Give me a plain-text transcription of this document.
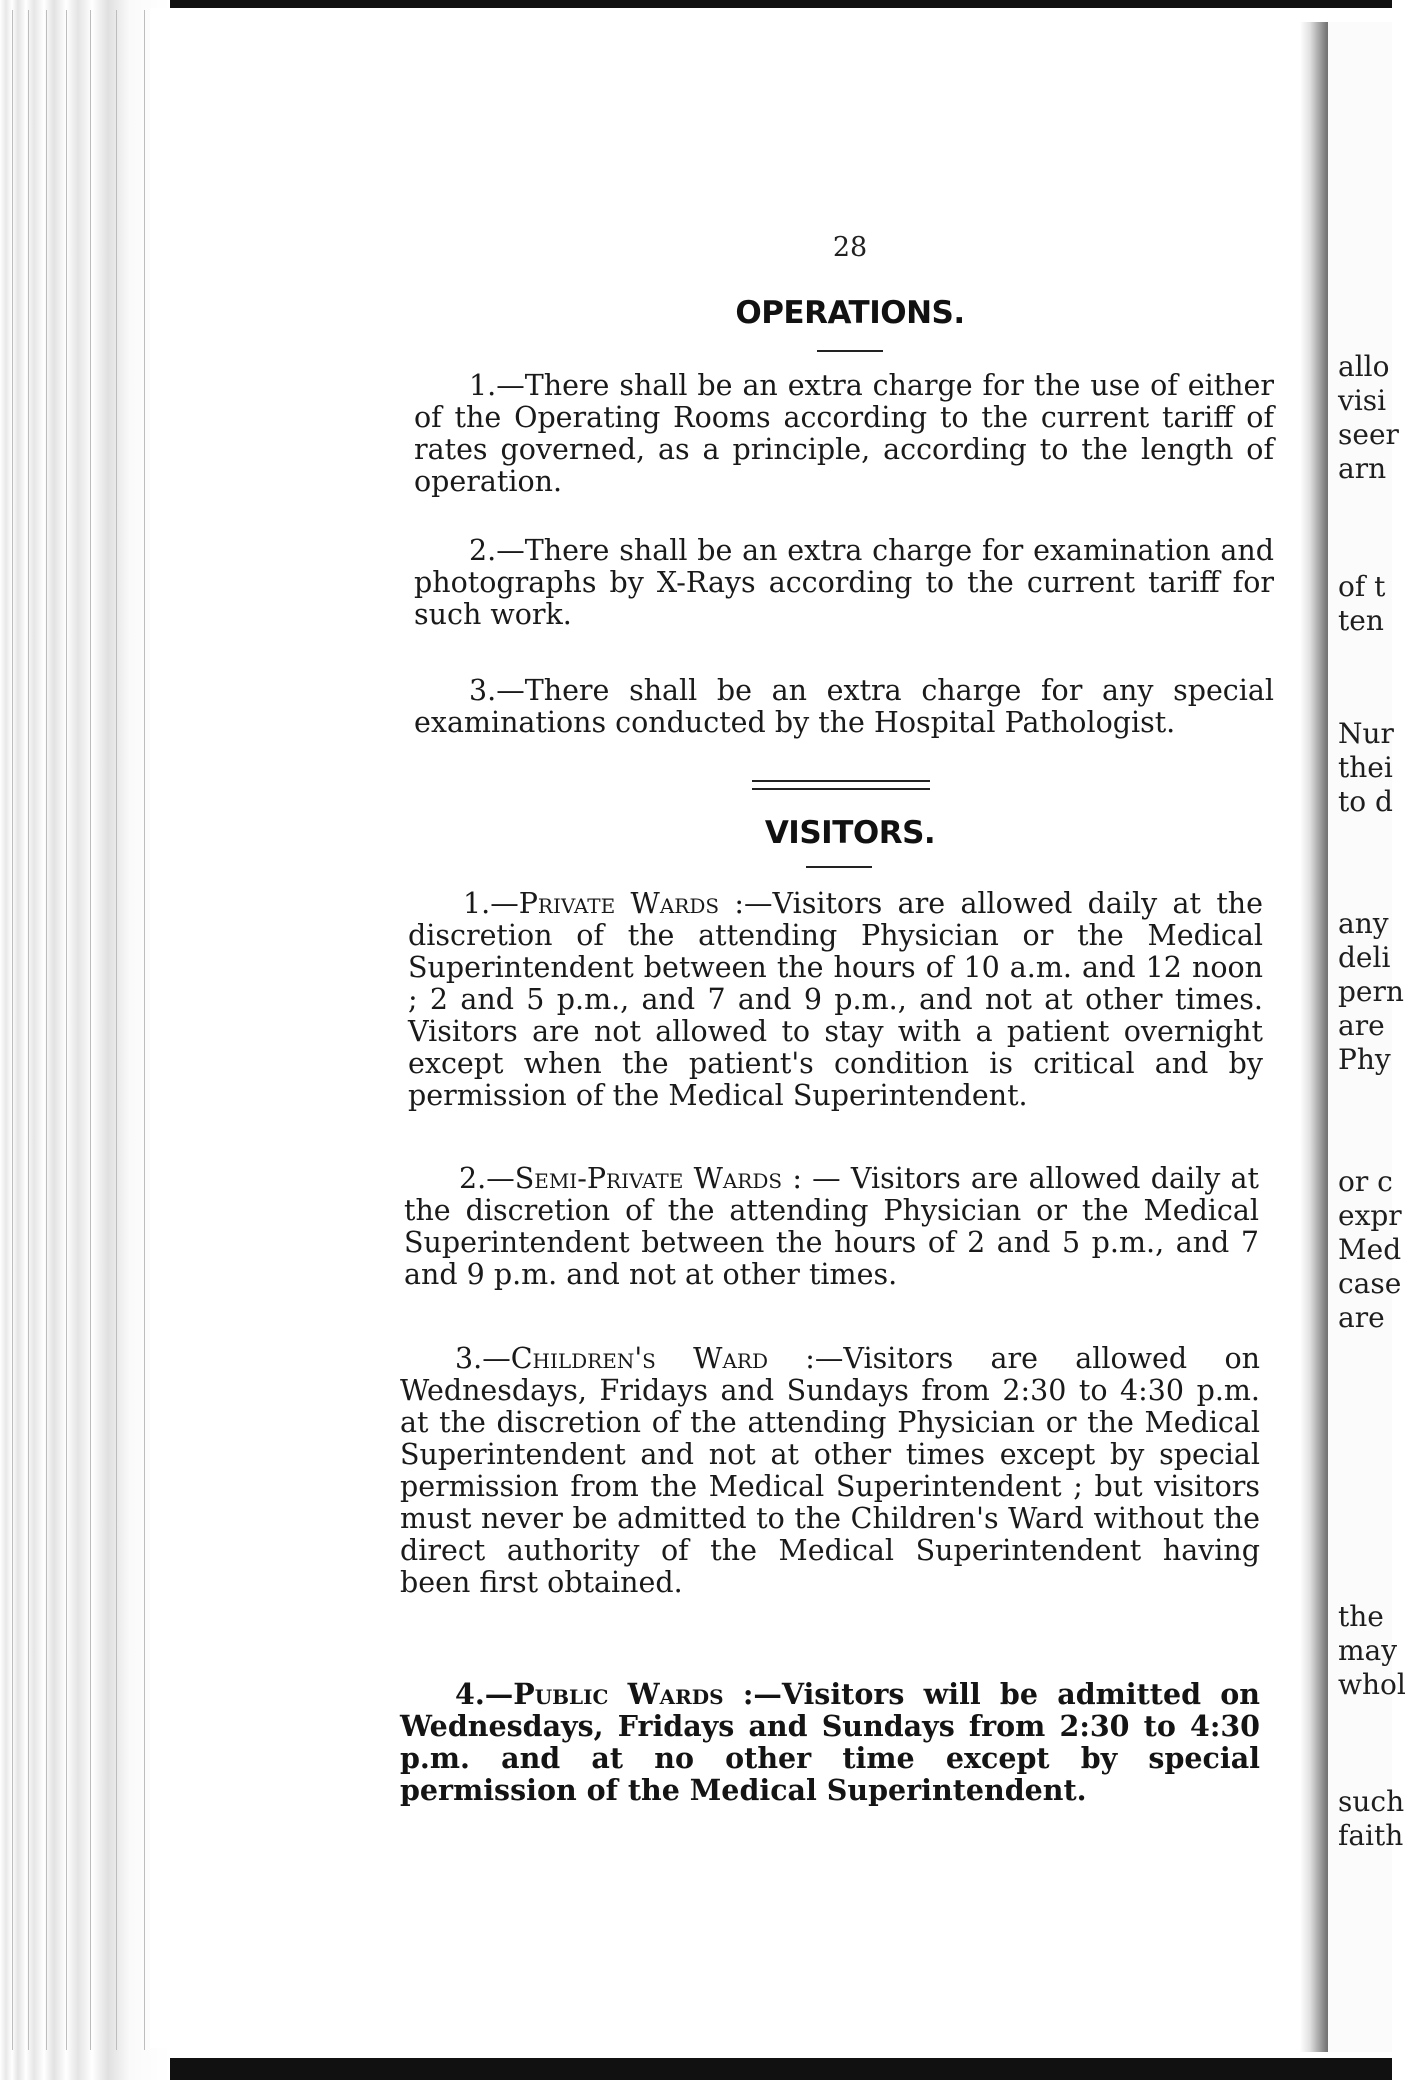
28
OPERATIONS.
1.—There shall be an extra charge for the use of either of the Operating Rooms according to the current tariff of rates governed, as a principle, according to the length of operation.
2.—There shall be an extra charge for examination and photographs by X-Rays according to the current tariff for such work.
3.—There shall be an extra charge for any special examinations conducted by the Hospital Pathologist.
VISITORS.
1.—Private Wards :—Visitors are allowed daily at the discretion of the attending Physician or the Medical Superintendent between the hours of 10 a.m. and 12 noon ; 2 and 5 p.m., and 7 and 9 p.m., and not at other times. Visitors are not allowed to stay with a patient overnight except when the patient's condition is critical and by permission of the Medical Superintendent.
2.—Semi-Private Wards : — Visitors are allowed daily at the discretion of the attending Physician or the Medical Superintendent between the hours of 2 and 5 p.m., and 7 and 9 p.m. and not at other times.
3.—Children's Ward :—Visitors are allowed on Wednesdays, Fridays and Sundays from 2:30 to 4:30 p.m. at the discretion of the attending Physician or the Medical Superintendent and not at other times except by special permission from the Medical Superintendent ; but visitors must never be admitted to the Children's Ward without the direct authority of the Medical Superintendent having been first obtained.
4.—Public Wards :—Visitors will be admitted on Wednesdays, Fridays and Sundays from 2:30 to 4:30 p.m. and at no other time except by special permission of the Medical Superintendent.
allo
visi
seer
arn
of t
ten
Nur
thei
to d
any
deli
pern
are
Phy
or c
expr
Med
case
are
the
may
whol
such
faith
